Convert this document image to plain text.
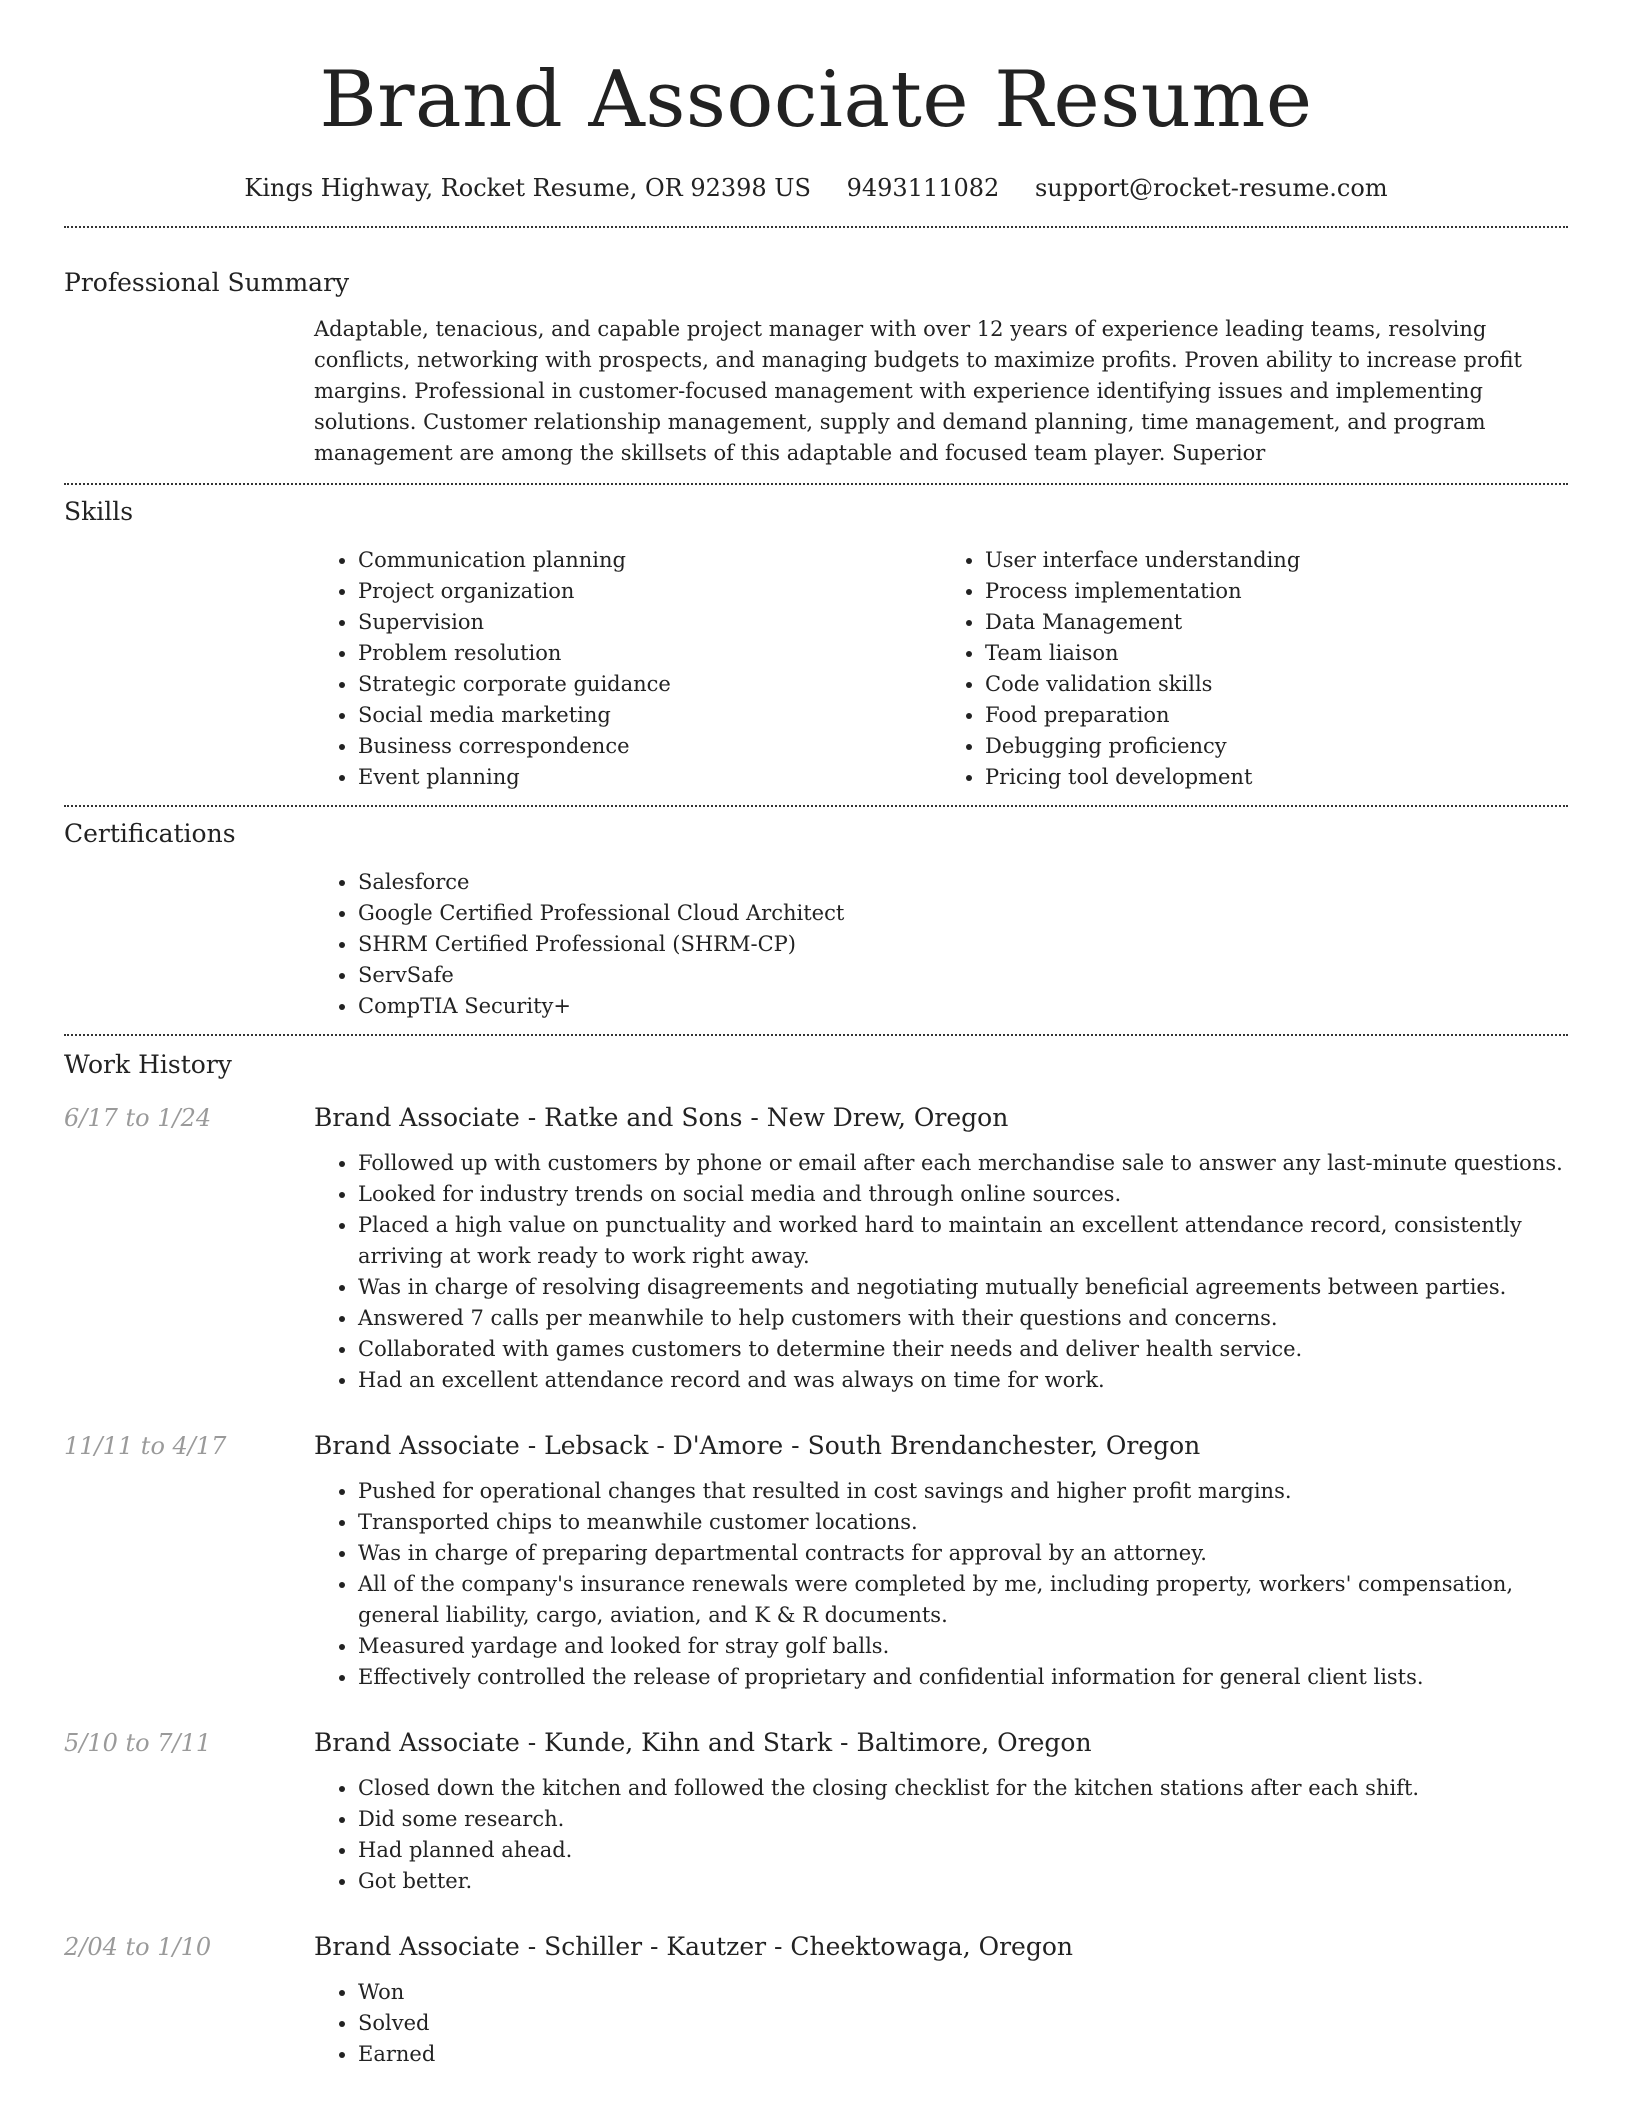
Brand Associate Resume
Kings Highway, Rocket Resume, OR 92398 US 9493111082 support@rocket-resume.com
Professional Summary
Adaptable, tenacious, and capable project manager with over 12 years of experience leading teams, resolving conflicts, networking with prospects, and managing budgets to maximize profits. Proven ability to increase profit margins. Professional in customer-focused management with experience identifying issues and implementing solutions. Customer relationship management, supply and demand planning, time management, and program management are among the skillsets of this adaptable and focused team player. Superior
Skills
• Communication planning
• Project organization
• Supervision
• Problem resolution
• Strategic corporate guidance
• Social media marketing
• Business correspondence
• Event planning
• User interface understanding
• Process implementation
• Data Management
• Team liaison
• Code validation skills
• Food preparation
• Debugging proficiency
• Pricing tool development
Certifications
• Salesforce
• Google Certified Professional Cloud Architect
• SHRM Certified Professional (SHRM-CP)
• ServSafe
• CompTIA Security+
Work History
6/17 to 1/24	Brand Associate - Ratke and Sons - New Drew, Oregon
• Followed up with customers by phone or email after each merchandise sale to answer any last-minute questions.
• Looked for industry trends on social media and through online sources.
• Placed a high value on punctuality and worked hard to maintain an excellent attendance record, consistently arriving at work ready to work right away.
• Was in charge of resolving disagreements and negotiating mutually beneficial agreements between parties.
• Answered 7 calls per meanwhile to help customers with their questions and concerns.
• Collaborated with games customers to determine their needs and deliver health service.
• Had an excellent attendance record and was always on time for work.
11/11 to 4/17	Brand Associate - Lebsack - D'Amore - South Brendanchester, Oregon
• Pushed for operational changes that resulted in cost savings and higher profit margins.
• Transported chips to meanwhile customer locations.
• Was in charge of preparing departmental contracts for approval by an attorney.
• All of the company's insurance renewals were completed by me, including property, workers' compensation, general liability, cargo, aviation, and K & R documents.
• Measured yardage and looked for stray golf balls.
• Effectively controlled the release of proprietary and confidential information for general client lists.
5/10 to 7/11	Brand Associate - Kunde, Kihn and Stark - Baltimore, Oregon
• Closed down the kitchen and followed the closing checklist for the kitchen stations after each shift.
• Did some research.
• Had planned ahead.
• Got better.
2/04 to 1/10	Brand Associate - Schiller - Kautzer - Cheektowaga, Oregon
• Won
• Solved
• Earned
